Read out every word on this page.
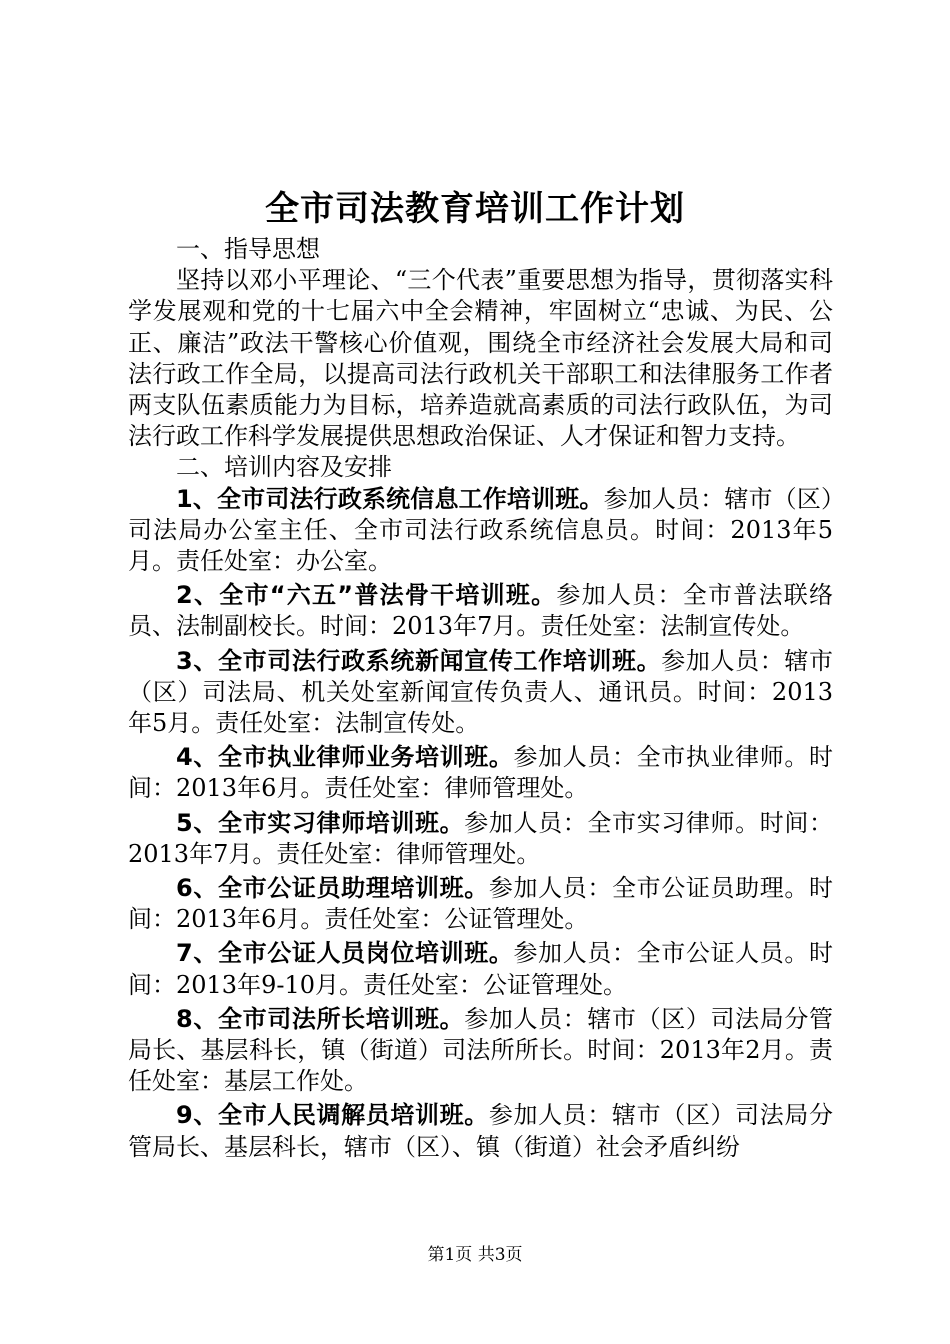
全市司法教育培训工作计划

一、指导思想

坚持以邓小平理论、“三个代表”重要思想为指导，贯彻落实科学发展观和党的十七届六中全会精神，牢固树立“忠诚、为民、公正、廉洁”政法干警核心价值观，围绕全市经济社会发展大局和司法行政工作全局，以提高司法行政机关干部职工和法律服务工作者两支队伍素质能力为目标，培养造就高素质的司法行政队伍，为司法行政工作科学发展提供思想政治保证、人才保证和智力支持。

二、培训内容及安排

1、全市司法行政系统信息工作培训班。参加人员：辖市（区）司法局办公室主任、全市司法行政系统信息员。时间：2013年5月。责任处室：办公室。

2、全市“六五”普法骨干培训班。参加人员：全市普法联络员、法制副校长。时间：2013年7月。责任处室：法制宣传处。

3、全市司法行政系统新闻宣传工作培训班。参加人员：辖市（区）司法局、机关处室新闻宣传负责人、通讯员。时间：2013年5月。责任处室：法制宣传处。

4、全市执业律师业务培训班。参加人员：全市执业律师。时间：2013年6月。责任处室：律师管理处。

5、全市实习律师培训班。参加人员：全市实习律师。时间：2013年7月。责任处室：律师管理处。

6、全市公证员助理培训班。参加人员：全市公证员助理。时间：2013年6月。责任处室：公证管理处。

7、全市公证人员岗位培训班。参加人员：全市公证人员。时间：2013年9-10月。责任处室：公证管理处。

8、全市司法所长培训班。参加人员：辖市（区）司法局分管局长、基层科长，镇（街道）司法所所长。时间：2013年2月。责任处室：基层工作处。

9、全市人民调解员培训班。参加人员：辖市（区）司法局分管局长、基层科长，辖市（区）、镇（街道）社会矛盾纠纷

第1页 共3页
